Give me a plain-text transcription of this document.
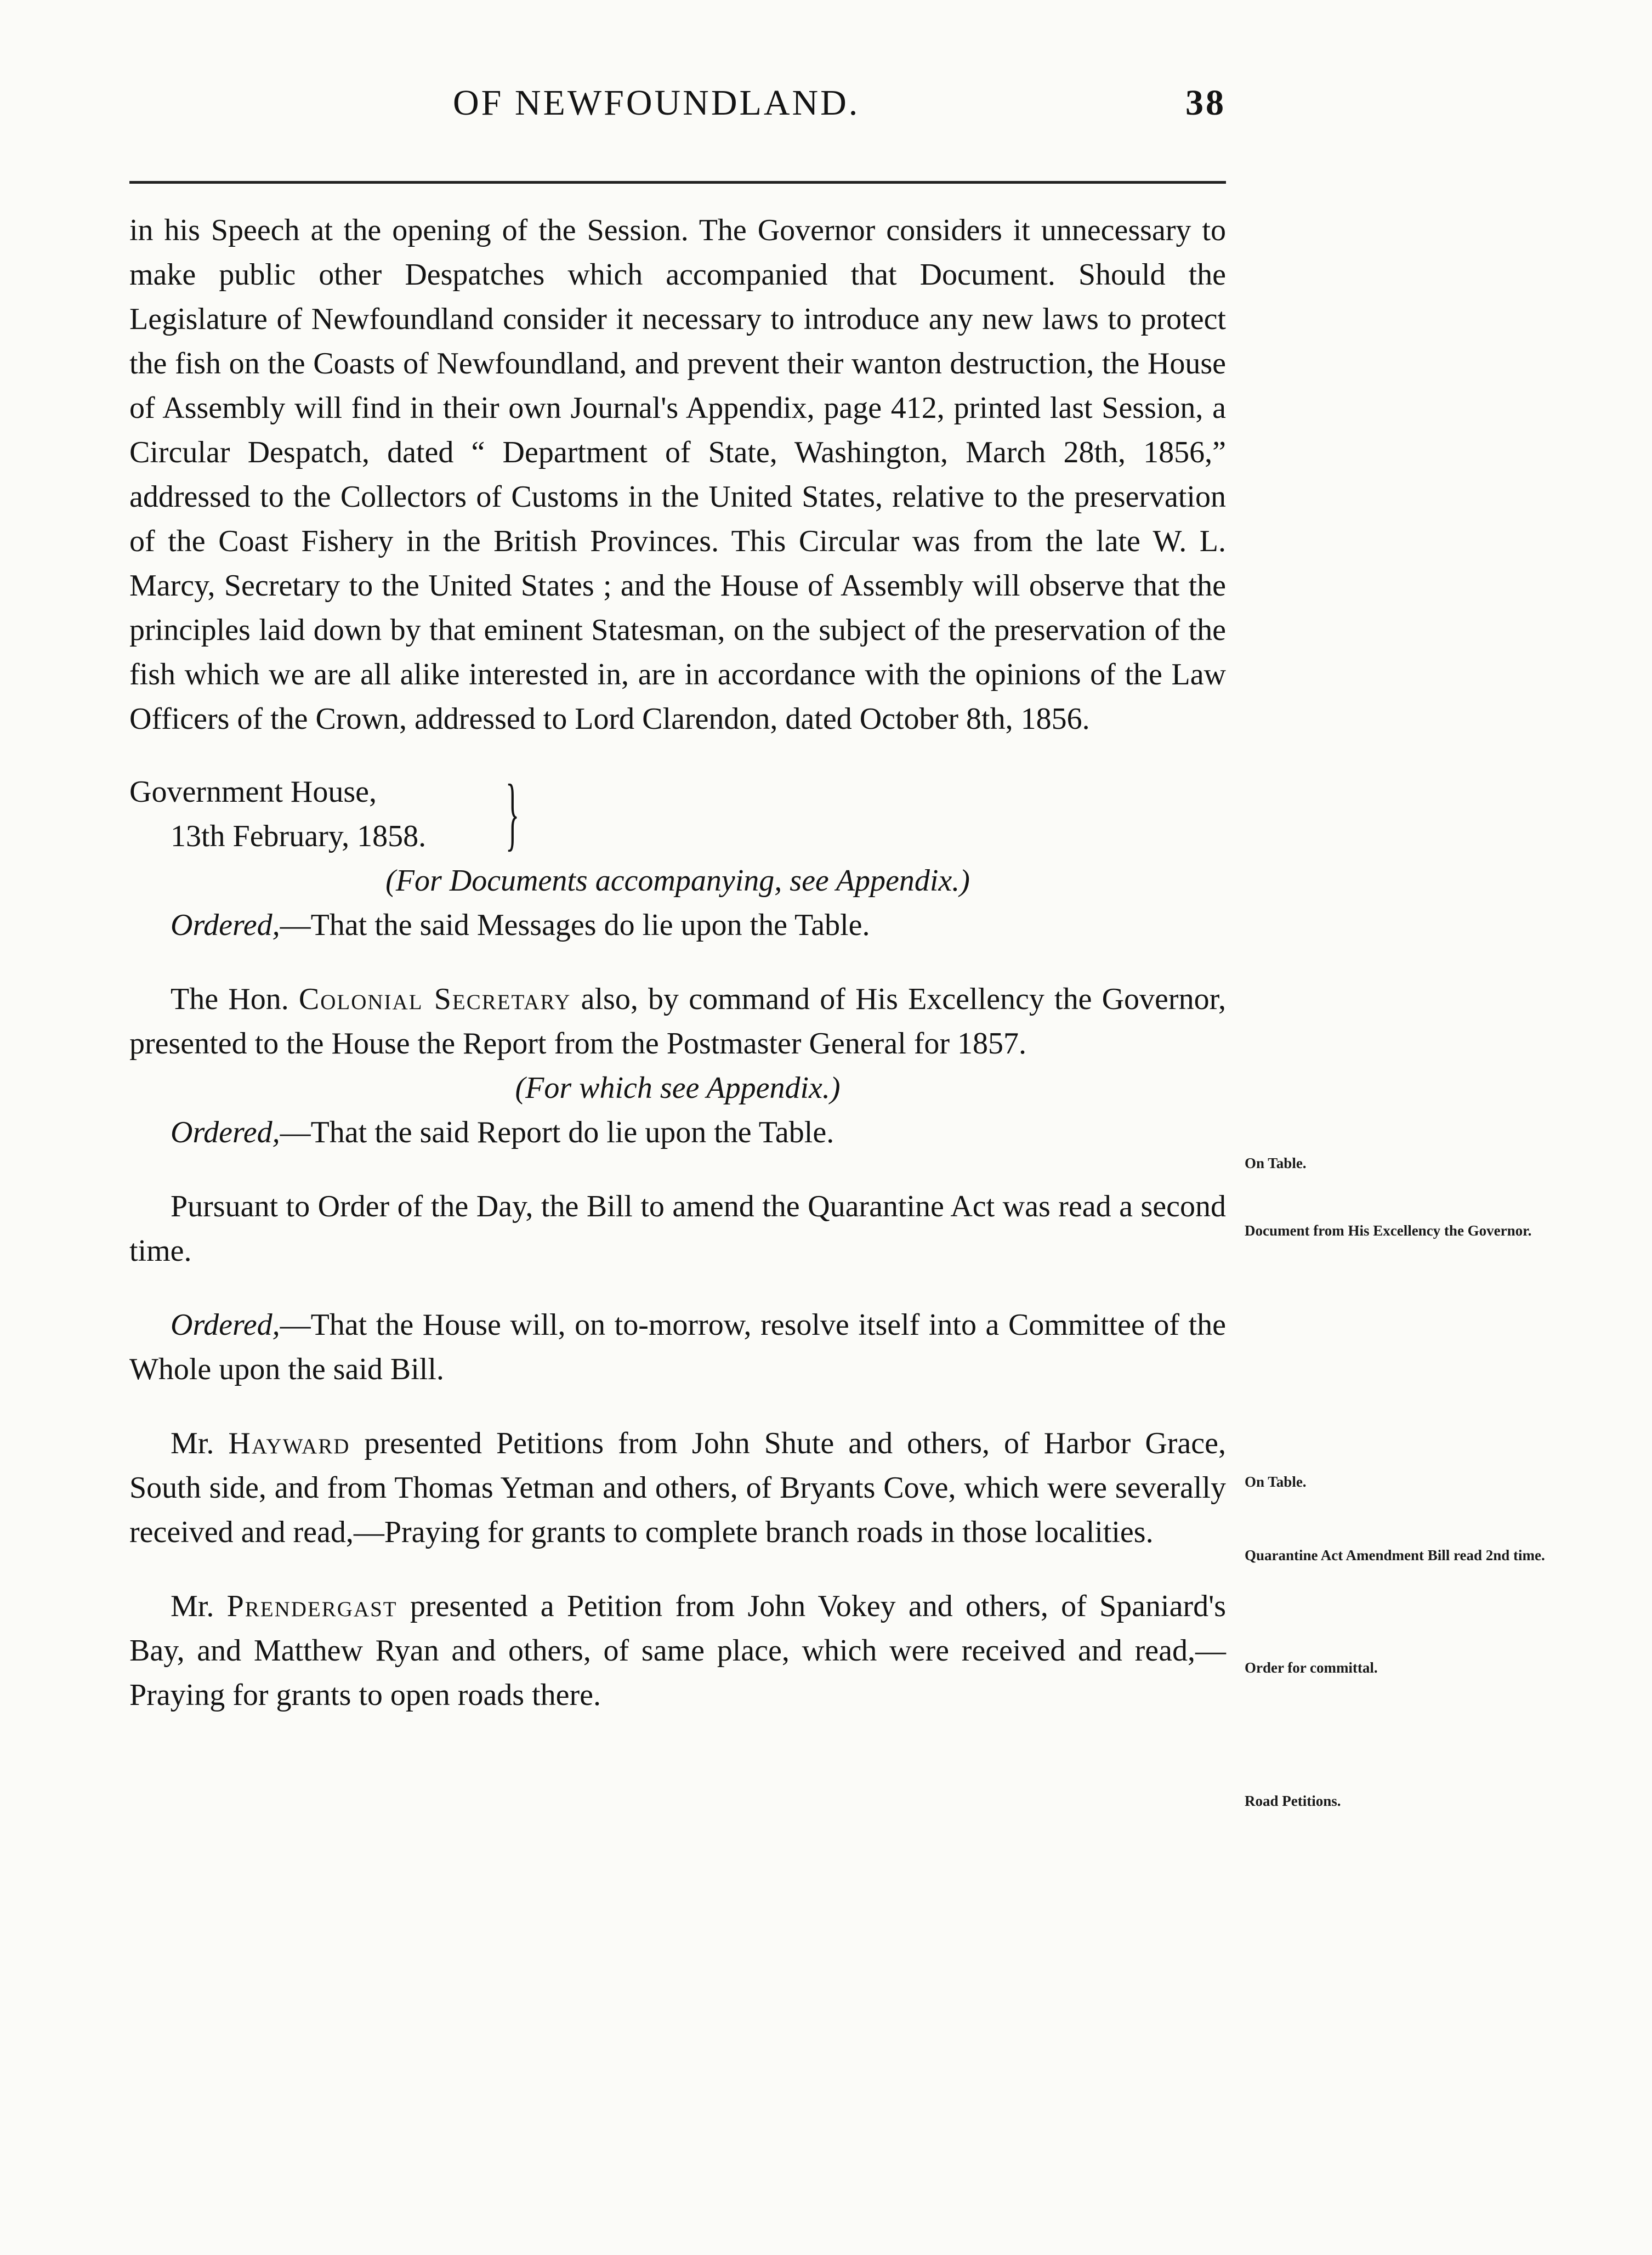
OF NEWFOUNDLAND.	38

in his Speech at the opening of the Session. The Governor considers it unnecessary to make public other Despatches which accompanied that Document. Should the Legislature of Newfoundland consider it necessary to introduce any new laws to protect the fish on the Coasts of Newfoundland, and prevent their wanton destruction, the House of Assembly will find in their own Journal's Appendix, page 412, printed last Session, a Circular Despatch, dated “ Department of State, Washington, March 28th, 1856,” addressed to the Collectors of Customs in the United States, relative to the preservation of the Coast Fishery in the British Provinces. This Circular was from the late W. L. Marcy, Secretary to the United States ; and the House of Assembly will observe that the principles laid down by that eminent Statesman, on the subject of the preservation of the fish which we are all alike interested in, are in accordance with the opinions of the Law Officers of the Crown, addressed to Lord Clarendon, dated October 8th, 1856.

Government House,
13th February, 1858. }

(For Documents accompanying, see Appendix.)

Ordered,—That the said Messages do lie upon the Table.

The Hon. Colonial Secretary also, by command of His Excellency the Governor, presented to the House the Report from the Postmaster General for 1857.

(For which see Appendix.)

Ordered,—That the said Report do lie upon the Table.

Pursuant to Order of the Day, the Bill to amend the Quarantine Act was read a second time.

Ordered,—That the House will, on to-morrow, resolve itself into a Committee of the Whole upon the said Bill.

Mr. Hayward presented Petitions from John Shute and others, of Harbor Grace, South side, and from Thomas Yetman and others, of Bryants Cove, which were severally received and read,—Praying for grants to complete branch roads in those localities.

Mr. Prendergast presented a Petition from John Vokey and others, of Spaniard's Bay, and Matthew Ryan and others, of same place, which were received and read,—Praying for grants to open roads there.

On Table.
Document from His Excellency the Governor.
On Table.
Quarantine Act Amendment Bill read 2nd time.
Order for committal.
Road Petitions.
